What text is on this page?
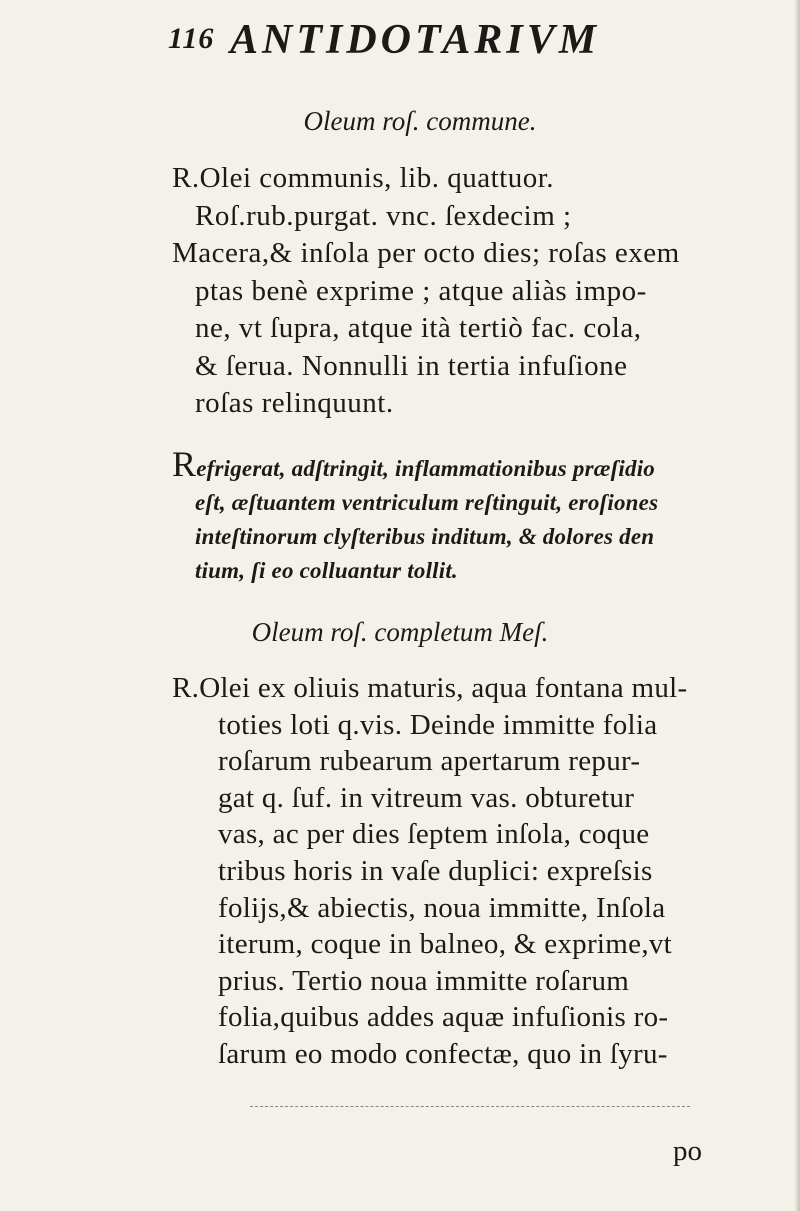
116 ANTIDOTARIVM
Oleum roſ. commune.
R.Olei communis, lib. quattuor.
Roſ.rub.purgat. vnc. ſexdecim ;
Macera,& inſola per octo dies; roſas exem
ptas benè exprime ; atque aliàs impo-
ne, vt ſupra, atque ità tertiò fac. cola,
& ſerua. Nonnulli in tertia infuſione
roſas relinquunt.
Refrigerat, adſtringit, inflammationibus præſidio
eſt, æſtuantem ventriculum reſtinguit, eroſiones
inteſtinorum clyſteribus inditum, & dolores den
tium, ſi eo colluantur tollit.
Oleum roſ. completum Meſ.
R.Olei ex oliuis maturis, aqua fontana mul-
toties loti q.vis. Deinde immitte folia
roſarum rubearum apertarum repur-
gat q. ſuf. in vitreum vas. obturetur
vas, ac per dies ſeptem inſola, coque
tribus horis in vaſe duplici: expreſsis
folijs,& abiectis, noua immitte, Inſola
iterum, coque in balneo, & exprime,vt
prius. Tertio noua immitte roſarum
folia,quibus addes aquæ infuſionis ro-
ſarum eo modo confectæ, quo in ſyru-
po
